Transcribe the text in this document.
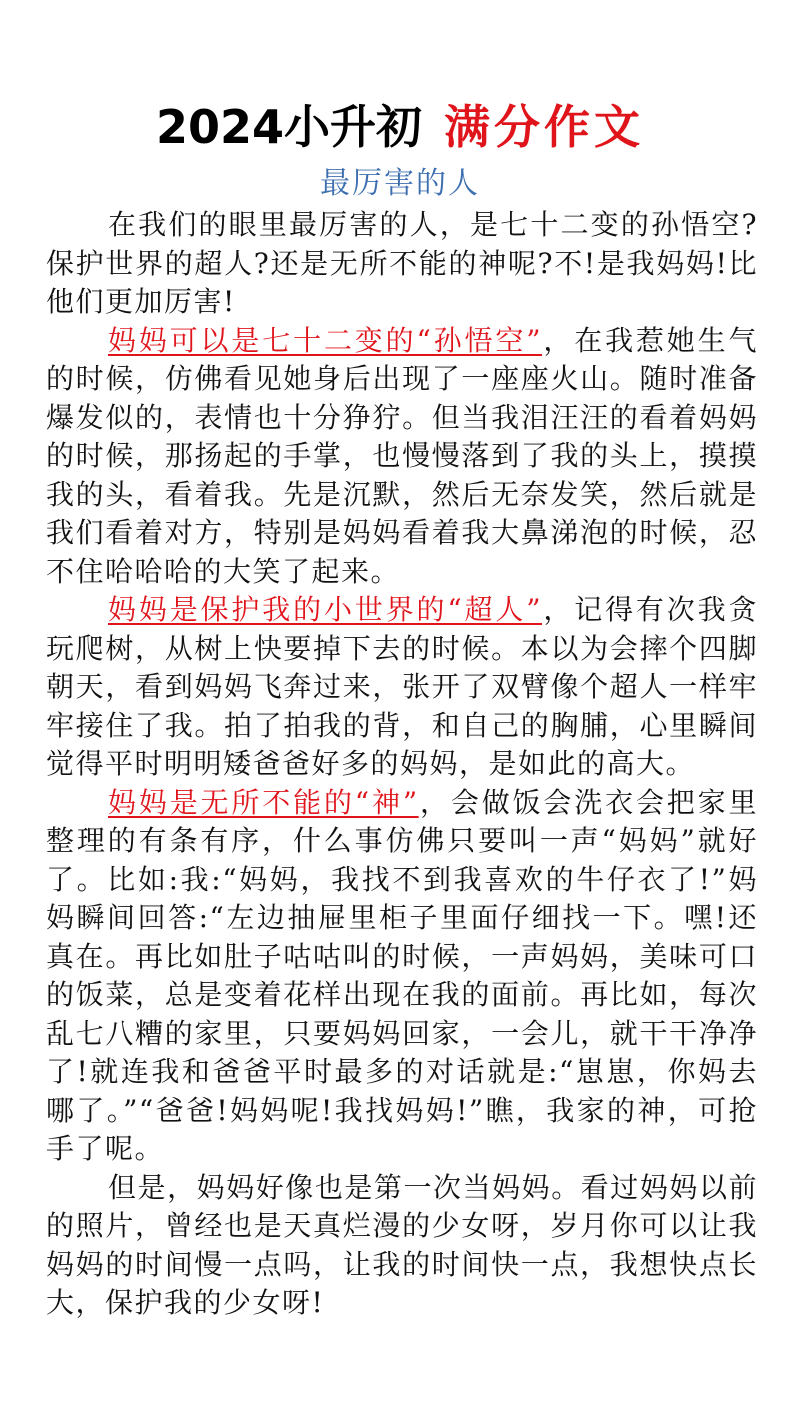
2024小升初 满分作文
最厉害的人

在我们的眼里最厉害的人，是七十二变的孙悟空?保护世界的超人?还是无所不能的神呢?不!是我妈妈!比他们更加厉害!

妈妈可以是七十二变的“孙悟空”，在我惹她生气的时候，仿佛看见她身后出现了一座座火山。随时准备爆发似的，表情也十分狰狞。但当我泪汪汪的看着妈妈的时候，那扬起的手掌，也慢慢落到了我的头上，摸摸我的头，看着我。先是沉默，然后无奈发笑，然后就是我们看着对方，特别是妈妈看着我大鼻涕泡的时候，忍不住哈哈哈的大笑了起来。

妈妈是保护我的小世界的“超人”，记得有次我贪玩爬树，从树上快要掉下去的时候。本以为会摔个四脚朝天，看到妈妈飞奔过来，张开了双臂像个超人一样牢牢接住了我。拍了拍我的背，和自己的胸脯，心里瞬间觉得平时明明矮爸爸好多的妈妈，是如此的高大。

妈妈是无所不能的“神”，会做饭会洗衣会把家里整理的有条有序，什么事仿佛只要叫一声“妈妈”就好了。比如:我:“妈妈，我找不到我喜欢的牛仔衣了!”妈妈瞬间回答:“左边抽屉里柜子里面仔细找一下。嘿!还真在。再比如肚子咕咕叫的时候，一声妈妈，美味可口的饭菜，总是变着花样出现在我的面前。再比如，每次乱七八糟的家里，只要妈妈回家，一会儿，就干干净净了!就连我和爸爸平时最多的对话就是:“崽崽，你妈去哪了。”“爸爸!妈妈呢!我找妈妈!”瞧，我家的神，可抢手了呢。

但是，妈妈好像也是第一次当妈妈。看过妈妈以前的照片，曾经也是天真烂漫的少女呀，岁月你可以让我妈妈的时间慢一点吗，让我的时间快一点，我想快点长大，保护我的少女呀!
